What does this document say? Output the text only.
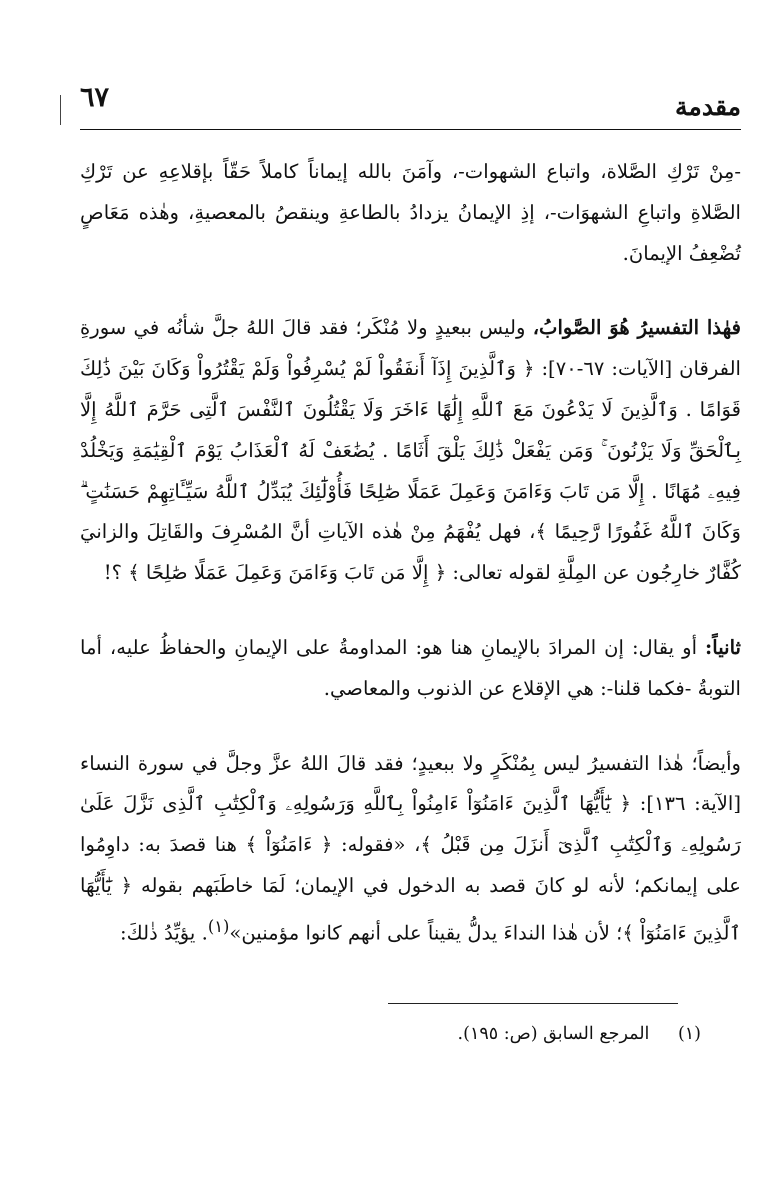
مقدمة
٦٧

-مِنْ تَرْكِ الصَّلاة، واتباع الشهوات-، وآمَنَ بالله إيماناً كاملاً حَقّاً بإقلاعِهِ عن تَرْكِ الصَّلاةِ واتباعِ الشهوَات-، إذِ الإيمانُ يزدادُ بالطاعةِ وينقصُ بالمعصيةِ، وهٰذه مَعَاصٍ تُضْعِفُ الإيمانَ.

فهٰذا التفسيرُ هُوَ الصَّوابُ، وليس ببعيدٍ ولا مُنْكَر؛ فقد قالَ اللهُ جلَّ شأنُه في سورةِ الفرقان [الآيات: ٦٧-٧٠]: ﴿ وَٱلَّذِينَ إِذَآ أَنفَقُواْ لَمْ يُسْرِفُواْ وَلَمْ يَقْتُرُواْ وَكَانَ بَيْنَ ذَٰلِكَ قَوَامًا . وَٱلَّذِينَ لَا يَدْعُونَ مَعَ ٱللَّهِ إِلَٰهًا ءَاخَرَ وَلَا يَقْتُلُونَ ٱلنَّفْسَ ٱلَّتِى حَرَّمَ ٱللَّهُ إِلَّا بِٱلْحَقِّ وَلَا يَزْنُونَ ۚ وَمَن يَفْعَلْ ذَٰلِكَ يَلْقَ أَثَامًا . يُضَٰعَفْ لَهُ ٱلْعَذَابُ يَوْمَ ٱلْقِيَٰمَةِ وَيَخْلُدْ فِيهِۦ مُهَانًا . إِلَّا مَن تَابَ وَءَامَنَ وَعَمِلَ عَمَلًا صَٰلِحًا فَأُوْلَٰٓئِكَ يُبَدِّلُ ٱللَّهُ سَيِّـَٔاتِهِمْ حَسَنَٰتٍ ۗ وَكَانَ ٱللَّهُ غَفُورًا رَّحِيمًا ﴾، فهل يُفْهَمُ مِنْ هٰذه الآياتِ أنَّ المُسْرِفَ والقَاتِلَ والزانيَ كُفَّارٌ خارِجُون عن المِلَّةِ لقوله تعالى: ﴿ إِلَّا مَن تَابَ وَءَامَنَ وَعَمِلَ عَمَلًا صَٰلِحًا ﴾ ؟!

ثانياً: أو يقال: إن المرادَ بالإيمانِ هنا هو: المداومةُ على الإيمانِ والحفاظُ عليه، أما التوبةُ -فكما قلنا-: هي الإقلاع عن الذنوب والمعاصي.

وأيضاً؛ هٰذا التفسيرُ ليس بِمُنْكَرٍ ولا ببعيدٍ؛ فقد قالَ اللهُ عزَّ وجلَّ في سورة النساء [الآية: ١٣٦]: ﴿ يَٰٓأَيُّهَا ٱلَّذِينَ ءَامَنُوٓاْ ءَامِنُواْ بِٱللَّهِ وَرَسُولِهِۦ وَٱلْكِتَٰبِ ٱلَّذِى نَزَّلَ عَلَىٰ رَسُولِهِۦ وَٱلْكِتَٰبِ ٱلَّذِىٓ أَنزَلَ مِن قَبْلُ ﴾، «فقوله: ﴿ ءَامَنُوٓاْ ﴾ هنا قصدَ به: داوِمُوا على إيمانكم؛ لأنه لو كانَ قصد به الدخول في الإيمان؛ لَمَا خاطَبَهم بقوله ﴿ يَٰٓأَيُّهَا ٱلَّذِينَ ءَامَنُوٓاْ ﴾؛ لأن هٰذا النداءَ يدلُّ يقيناً على أنهم كانوا مؤمنين»$^{(١)}$. يؤيِّدُ ذٰلكَ:

(١) المرجع السابق (ص: ١٩٥).
